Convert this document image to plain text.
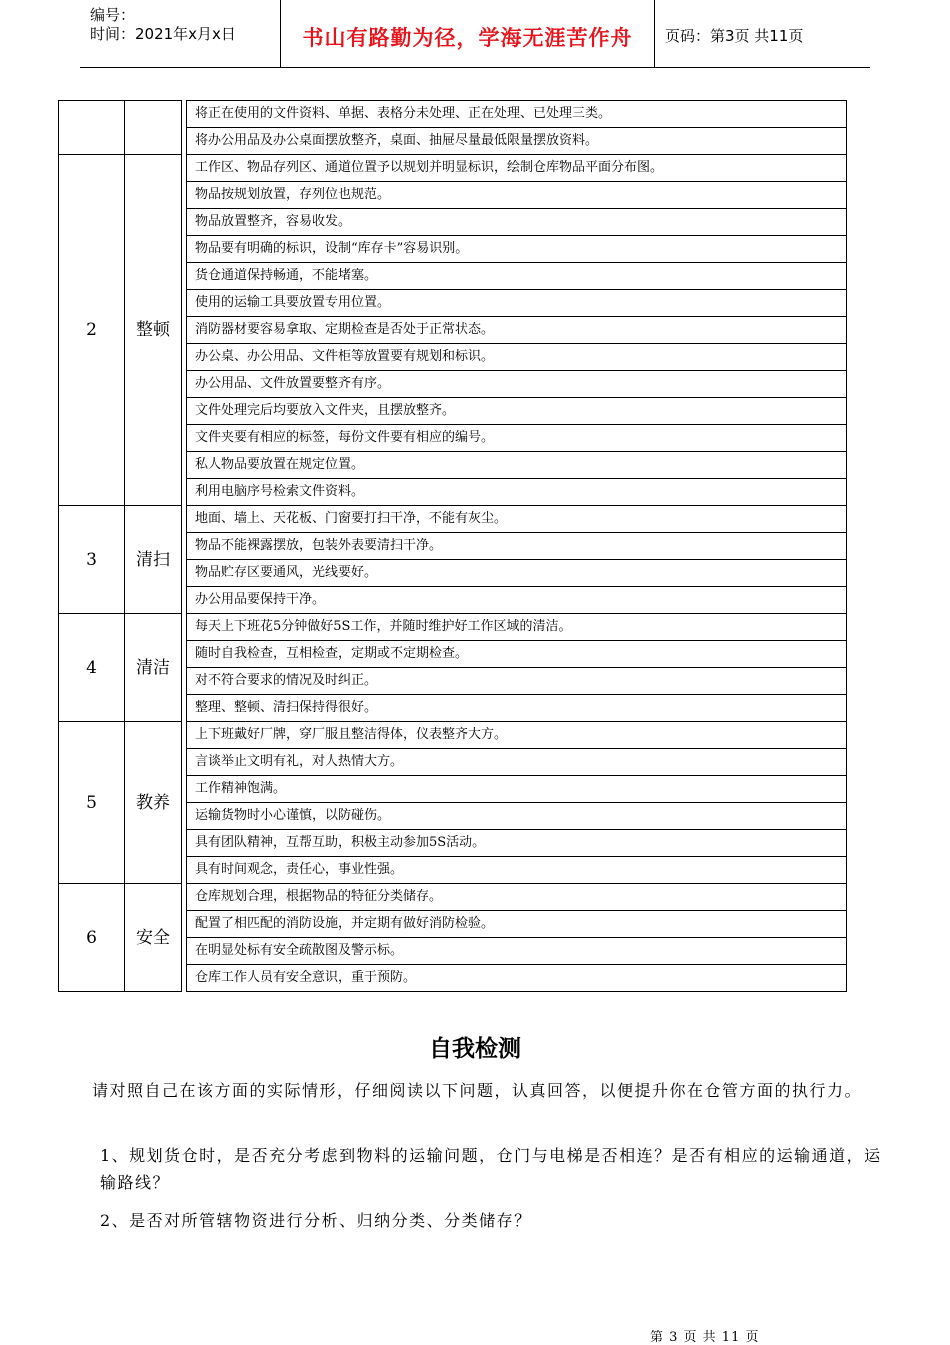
编号：
时间：2021年x月x日	书山有路勤为径，学海无涯苦作舟	页码：第3页 共11页
			将正在使用的文件资料、单据、表格分未处理、正在处理、已处理三类。
			将办公用品及办公桌面摆放整齐，桌面、抽屉尽量最低限量摆放资料。
2	整顿		工作区、物品存列区、通道位置予以规划并明显标识，绘制仓库物品平面分布图。
			物品按规划放置，存列位也规范。
			物品放置整齐，容易收发。
			物品要有明确的标识，设制“库存卡”容易识别。
			货仓通道保持畅通，不能堵塞。
			使用的运输工具要放置专用位置。
			消防器材要容易拿取、定期检查是否处于正常状态。
			办公桌、办公用品、文件柜等放置要有规划和标识。
			办公用品、文件放置要整齐有序。
			文件处理完后均要放入文件夹，且摆放整齐。
			文件夹要有相应的标签，每份文件要有相应的编号。
			私人物品要放置在规定位置。
			利用电脑序号检索文件资料。
3	清扫		地面、墙上、天花板、门窗要打扫干净，不能有灰尘。
			物品不能裸露摆放，包装外表要清扫干净。
			物品贮存区要通风，光线要好。
			办公用品要保持干净。
4	清洁		每天上下班花5分钟做好5S工作，并随时维护好工作区域的清洁。
			随时自我检查，互相检查，定期或不定期检查。
			对不符合要求的情况及时纠正。
			整理、整顿、清扫保持得很好。
5	教养		上下班戴好厂牌，穿厂服且整洁得体，仪表整齐大方。
			言谈举止文明有礼，对人热情大方。
			工作精神饱满。
			运输货物时小心谨慎，以防碰伤。
			具有团队精神，互帮互助，积极主动参加5S活动。
			具有时间观念，责任心，事业性强。
6	安全		仓库规划合理，根据物品的特征分类储存。
			配置了相匹配的消防设施，并定期有做好消防检验。
			在明显处标有安全疏散图及警示标。
			仓库工作人员有安全意识，重于预防。
自我检测
请对照自己在该方面的实际情形，仔细阅读以下问题，认真回答，以便提升你在仓管方面的执行力。
1、规划货仓时，是否充分考虑到物料的运输问题，仓门与电梯是否相连？是否有相应的运输通道，运输路线？
2、是否对所管辖物资进行分析、归纳分类、分类储存？
第 3 页 共 11 页
